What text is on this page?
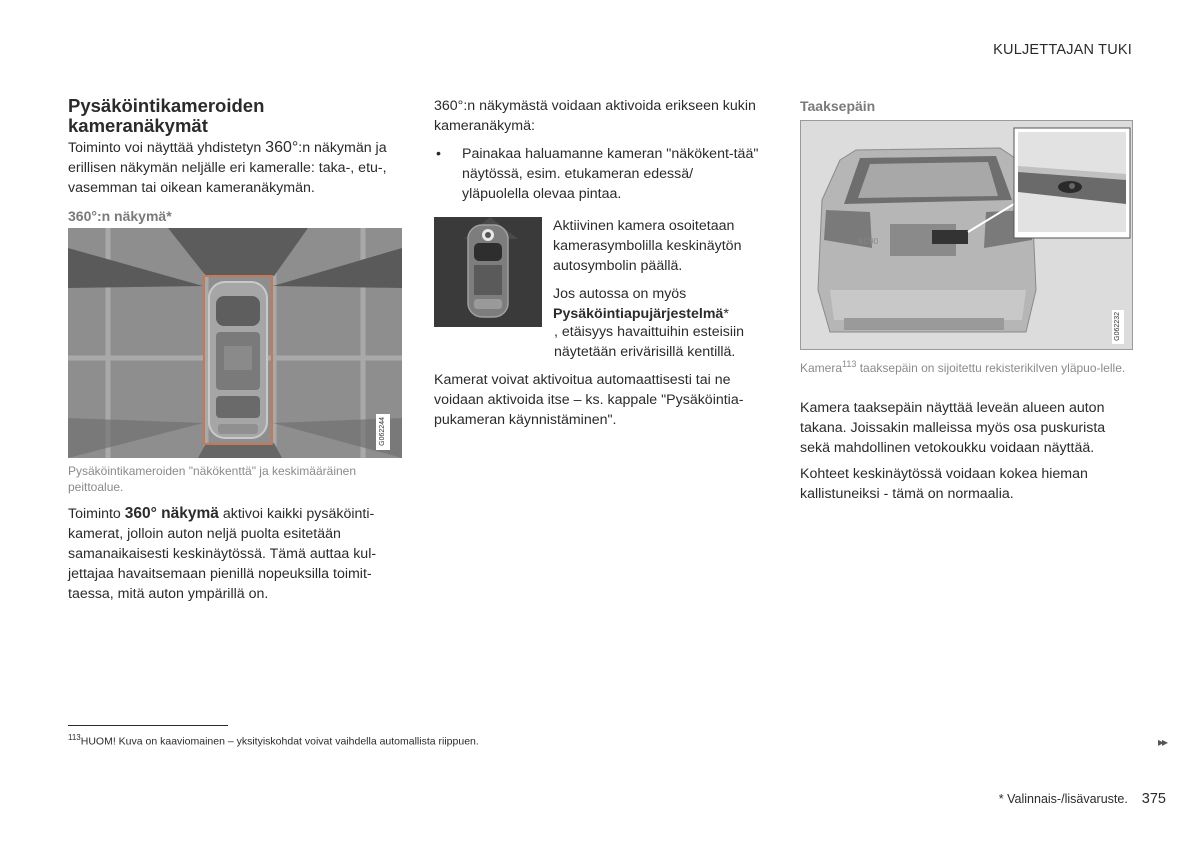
KULJETTAJAN TUKI
Pysäköintikameroiden
kameranäkymät

Toiminto voi näyttää yhdistetyn 360°:n näkymän ja erillisen näkymän neljälle eri kameralle: taka-, etu-, vasemman tai oikean kameranäkymän.

360°:n näkymä*
G062244
Pysäköintikameroiden "näkökenttä" ja keskimääräinen peittoalue.
Toiminto 360° näkymä aktivoi kaikki pysäköinti-kamerat, jolloin auton neljä puolta esitetään samanaikaisesti keskinäytössä. Tämä auttaa kul-jettajaa havaitsemaan pienillä nopeuksilla toimit-taessa, mitä auton ympärillä on.

360°:n näkymästä voidaan aktivoida erikseen kukin kameranäkymä:

• Painakaa haluamanne kameran "näkökent-tää" näytössä, esim. etukameran edessä/ yläpuolella olevaa pintaa.

Aktiivinen kamera osoitetaan kamerasymbolilla keskinäytön autosymbolin päällä.

Jos autossa on myös
Pysäköintiapujärjestelmä*

, etäisyys havaittuihin esteisiin näytetään erivärisillä kentillä.

Kamerat voivat aktivoitua automaattisesti tai ne voidaan aktivoida itse – ks. kappale "Pysäköintia-pukameran käynnistäminen".
Taaksepäin
XC90
G062232
Kamera$^{113}$ taaksepäin on sijoitettu rekisterikilven yläpuo-lelle.

Kamera taaksepäin näyttää leveän alueen auton takana. Joissakin malleissa myös osa puskurista sekä mahdollinen vetokoukku voidaan näyttää.

Kohteet keskinäytössä voidaan kokea hieman kallistuneiksi - tämä on normaalia.

$^{113}$HUOM! Kuva on kaaviomainen – yksityiskohdat voivat vaihdella automallista riippuen.	▸▸
* Valinnais-/lisävaruste. 375
